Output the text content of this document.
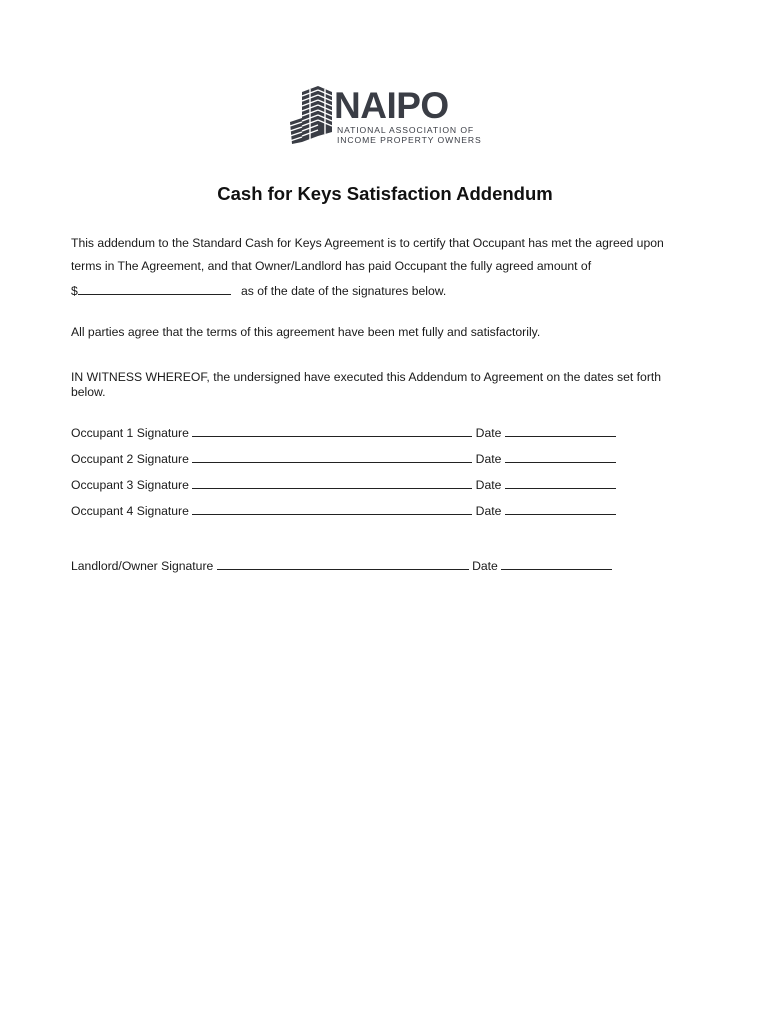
NAIPO
NATIONAL ASSOCIATION OF
INCOME PROPERTY OWNERS
Cash for Keys Satisfaction Addendum
This addendum to the Standard Cash for Keys Agreement is to certify that Occupant has met the agreed upon
terms in The Agreement, and that Owner/Landlord has paid Occupant the fully agreed amount of
$	as of the date of the signatures below.
All parties agree that the terms of this agreement have been met fully and satisfactorily.
IN WITNESS WHEREOF, the undersigned have executed this Addendum to Agreement on the dates set forth
below.
Occupant 1 Signature	Date
Occupant 2 Signature	Date
Occupant 3 Signature	Date
Occupant 4 Signature	Date
Landlord/Owner Signature	Date
